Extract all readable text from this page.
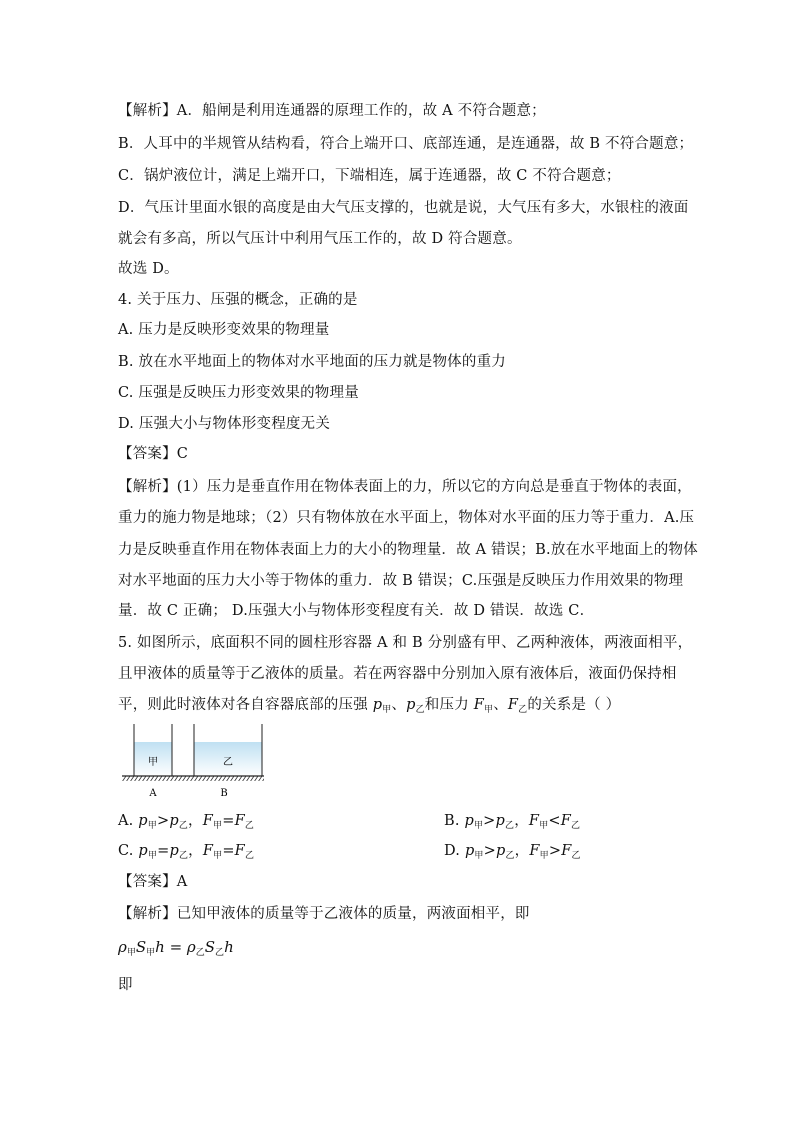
【解析】A．船闸是利用连通器的原理工作的，故 A 不符合题意；
B．人耳中的半规管从结构看，符合上端开口、底部连通，是连通器，故 B 不符合题意；
C．锅炉液位计，满足上端开口，下端相连，属于连通器，故 C 不符合题意；
D．气压计里面水银的高度是由大气压支撑的，也就是说，大气压有多大，水银柱的液面
就会有多高，所以气压计中利用气压工作的，故 D 符合题意。
故选 D。
4. 关于压力、压强的概念，正确的是
A. 压力是反映形变效果的物理量
B. 放在水平地面上的物体对水平地面的压力就是物体的重力
C. 压强是反映压力形变效果的物理量
D. 压强大小与物体形变程度无关
【答案】C
【解析】(1）压力是垂直作用在物体表面上的力，所以它的方向总是垂直于物体的表面，
重力的施力物是地球；（2）只有物体放在水平面上，物体对水平面的压力等于重力．A.压
力是反映垂直作用在物体表面上力的大小的物理量．故 A 错误；B.放在水平地面上的物体
对水平地面的压力大小等于物体的重力．故 B 错误；C.压强是反映压力作用效果的物理
量．故 C 正确； D.压强大小与物体形变程度有关．故 D 错误．故选 C．
5. 如图所示，底面积不同的圆柱形容器 A 和 B 分别盛有甲、乙两种液体，两液面相平，
且甲液体的质量等于乙液体的质量。若在两容器中分别加入原有液体后，液面仍保持相
平，则此时液体对各自容器底部的压强 $p_甲$、$p_乙$和压力 $F_甲$、$F_乙$的关系是（ ）
甲	乙
A	B
A. $p_甲>p_乙$，$F_甲=F_乙$	B. $p_甲>p_乙$，$F_甲<F_乙$
C. $p_甲=p_乙$，$F_甲=F_乙$	D. $p_甲>p_乙$，$F_甲>F_乙$
【答案】A
【解析】已知甲液体的质量等于乙液体的质量，两液面相平，即
$\rho_甲S_甲h = \rho_乙S_乙h$
即
